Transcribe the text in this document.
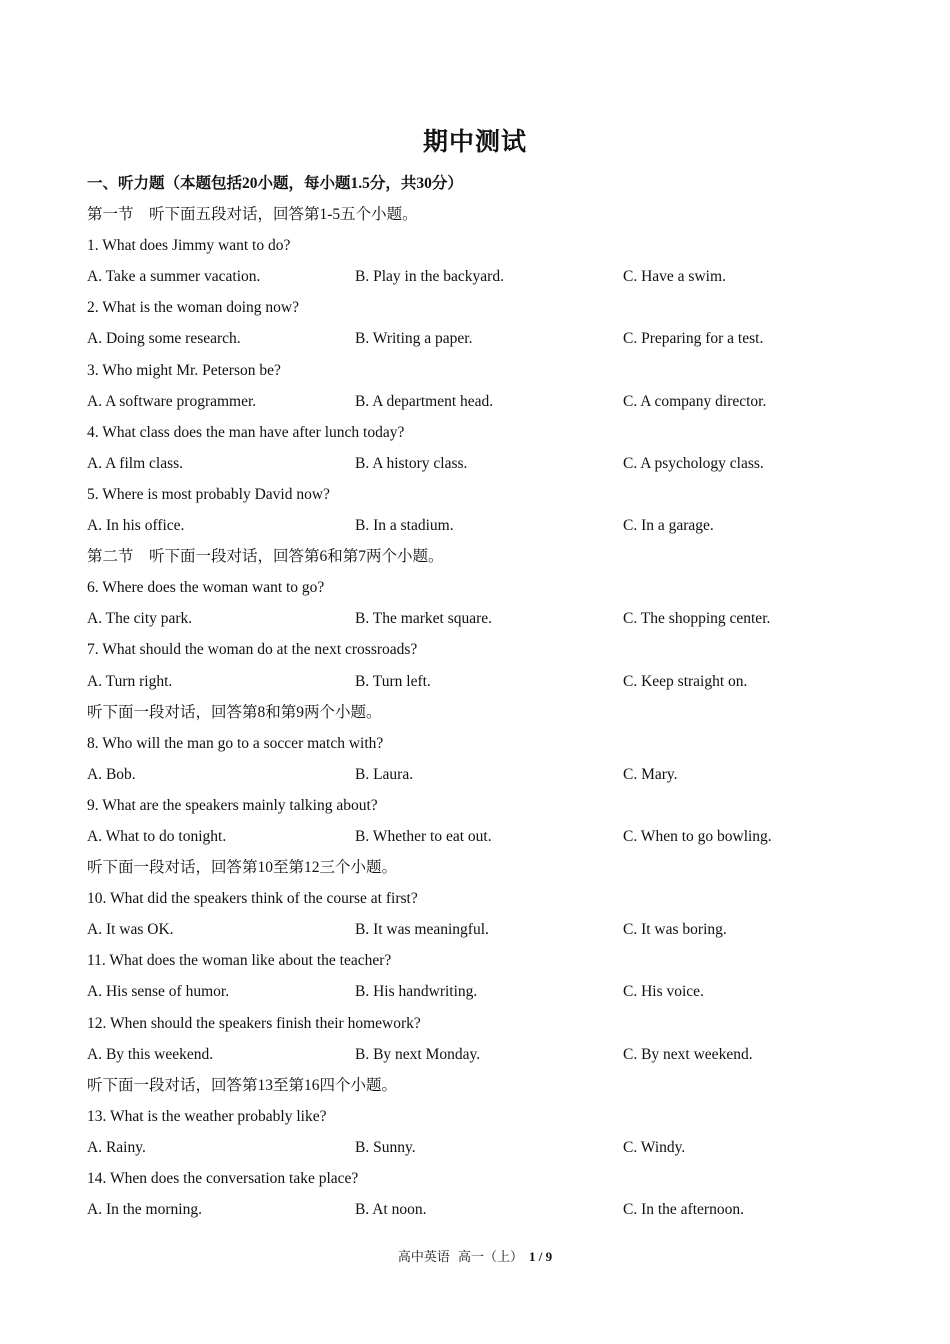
期中测试
一、听力题（本题包括20小题，每小题1.5分，共30分）
第一节　听下面五段对话，回答第1-5五个小题。
1. What does Jimmy want to do?
A. Take a summer vacation.	B. Play in the backyard.	C. Have a swim.
2. What is the woman doing now?
A. Doing some research.	B. Writing a paper.	C. Preparing for a test.
3. Who might Mr. Peterson be?
A. A software programmer.	B. A department head.	C. A company director.
4. What class does the man have after lunch today?
A. A film class.	B. A history class.	C. A psychology class.
5. Where is most probably David now?
A. In his office.	B. In a stadium.	C. In a garage.
第二节　听下面一段对话，回答第6和第7两个小题。
6. Where does the woman want to go?
A. The city park.	B. The market square.	C. The shopping center.
7. What should the woman do at the next crossroads?
A. Turn right.	B. Turn left.	C. Keep straight on.
听下面一段对话，回答第8和第9两个小题。
8. Who will the man go to a soccer match with?
A. Bob.	B. Laura.	C. Mary.
9. What are the speakers mainly talking about?
A. What to do tonight.	B. Whether to eat out.	C. When to go bowling.
听下面一段对话，回答第10至第12三个小题。
10. What did the speakers think of the course at first?
A. It was OK.	B. It was meaningful.	C. It was boring.
11. What does the woman like about the teacher?
A. His sense of humor.	B. His handwriting.	C. His voice.
12. When should the speakers finish their homework?
A. By this weekend.	B. By next Monday.	C. By next weekend.
听下面一段对话，回答第13至第16四个小题。
13. What is the weather probably like?
A. Rainy.	B. Sunny.	C. Windy.
14. When does the conversation take place?
A. In the morning.	B. At noon.	C. In the afternoon.
高中英语 高一（上） 1 / 9
